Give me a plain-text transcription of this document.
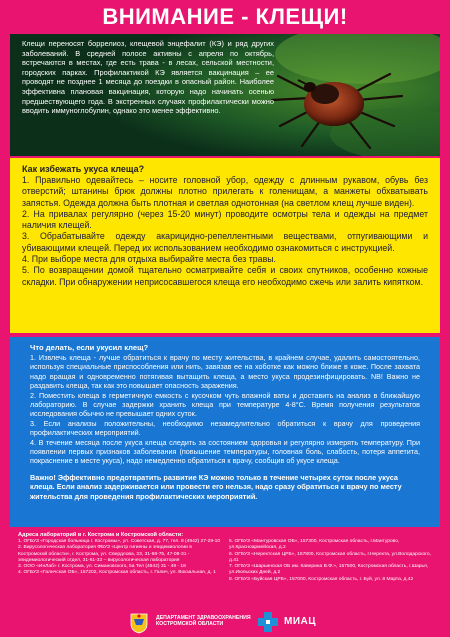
ВНИМАНИЕ - КЛЕЩИ!
Клещи переносят боррелиоз, клещевой энцефалит (КЭ) и ряд других заболеваний. В средней полосе активны с апреля по октябрь, встречаются в местах, где есть трава - в лесах, сельской местности, городских парках. Профилактикой КЭ является вакцинация – ее проводят не позднее 1 месяца до поездки в опасный район. Наиболее эффективна плановая вакцинация, которую надо начинать осенью предшествующего года. В экстренных случаях профилактически можно вводить иммуноглобулин, однако это менее эффективно.
Как избежать укуса клеща?
1. Правильно одевайтесь – носите головной убор, одежду с длинным рукавом, обувь без отверстий; штанины брюк должны плотно прилегать к голенищам, а манжеты обхватывать запястья. Одежда должна быть плотная и светлая однотонная (на светлом клещ лучше виден).
2. На привалах регулярно (через 15-20 минут) проводите осмотры тела и одежды на предмет наличия клещей.
3. Обрабатывайте одежду акарицидно-репеллентными веществами, отпугивающими и убивающими клещей. Перед их использованием необходимо ознакомиться с инструкцией.
4. При выборе места для отдыха выбирайте места без травы.
5. По возвращении домой тщательно осматривайте себя и своих спутников, особенно кожные складки. При обнаружении неприсосавшегося клеща его необходимо сжечь или залить кипятком.
Что делать, если укусил клещ?
1. Извлечь клеща - лучше обратиться к врачу по месту жительства, в крайнем случае, удалить самостоятельно, используя специальные приспособления или нить, завязав ее на хоботке как можно ближе в коже. После захвата надо вращая и одновременно потягивая вытащить клеща, а место укуса продезинфицировать. NB! Важно не раздавить клеща, так как это повышает опасность заражения.
2. Поместить клеща в герметичную емкость с кусочком чуть влажной ваты и доставить на анализ в ближайшую лабораторию. В случае задержки хранить клеща при температуре 4-8°С. Время получения результатов исследования обычно не превышает одних суток.
3. Если анализы положительны, необходимо незамедлительно обратиться к врачу для проведения профилактических мероприятий.
4. В течение месяца после укуса клеща следить за состоянием здоровья и регулярно измерять температуру. При появлении первых признаков заболевания (повышение температуры, головная боль, слабость, потеря аппетита, покраснение в месте укуса), надо немедленно обратиться к врачу, сообщив об укусе клеща.
Важно! Эффективно предотвратить развитие КЭ можно только в течение четырех суток после укуса клеща. Если анализ задерживается или провести его нельзя, надо сразу обратиться к врачу по месту жительства для проведения профилактических мероприятий.
Адреса лабораторий в г. Кострома и Костромской области:

1. ОГБУЗ «Городская больница г. Костромы», ул. Советская, д. 77, тел. 8 (4942) 27-29-10

2. Вирусологическая лаборатория ФБУЗ «Центр гигиены и эпидемиологии в Костромской области», г. Кострома, ул. Свердлова, 23, 31-68-75, 47-08-31 - эпидемиологический отдел, 31-61-33 – вирусологическая лаборатория

3. ООО «ИнЛаб» г. Кострома, ул. Симановского, 5а Тел (4942) 31 - 49 - 18

4. ОГБУЗ «Галичская ОБ», 157202, Костромская область, г. Галич, ул. Вокзальная, д. 1

5. ОГБУЗ «Мантуровская ОБ», 157300, Костромская область, г.Мантурово, ул.Красноармейская, д.2

6. ОГБУЗ «Нерехтская ЦРБ», 157800, Костромская область, г.Нерехта, ул.Володарского, д.41

7. ОГБУЗ «Шарьинская ОБ им. Каверина В.Ф.», 157500, Костромская область, г.Шарья, ул.Июльских Дней, д.2

8. ОГБУЗ «Буйская ЦРБ», 157000, Костромская область, г. Буй, ул. 8 Марта, д.42

ДЕПАРТАМЕНТ ЗДРАВООХРАНЕНИЯ
КОСТРОМСКОЙ ОБЛАСТИ	МИАЦ
